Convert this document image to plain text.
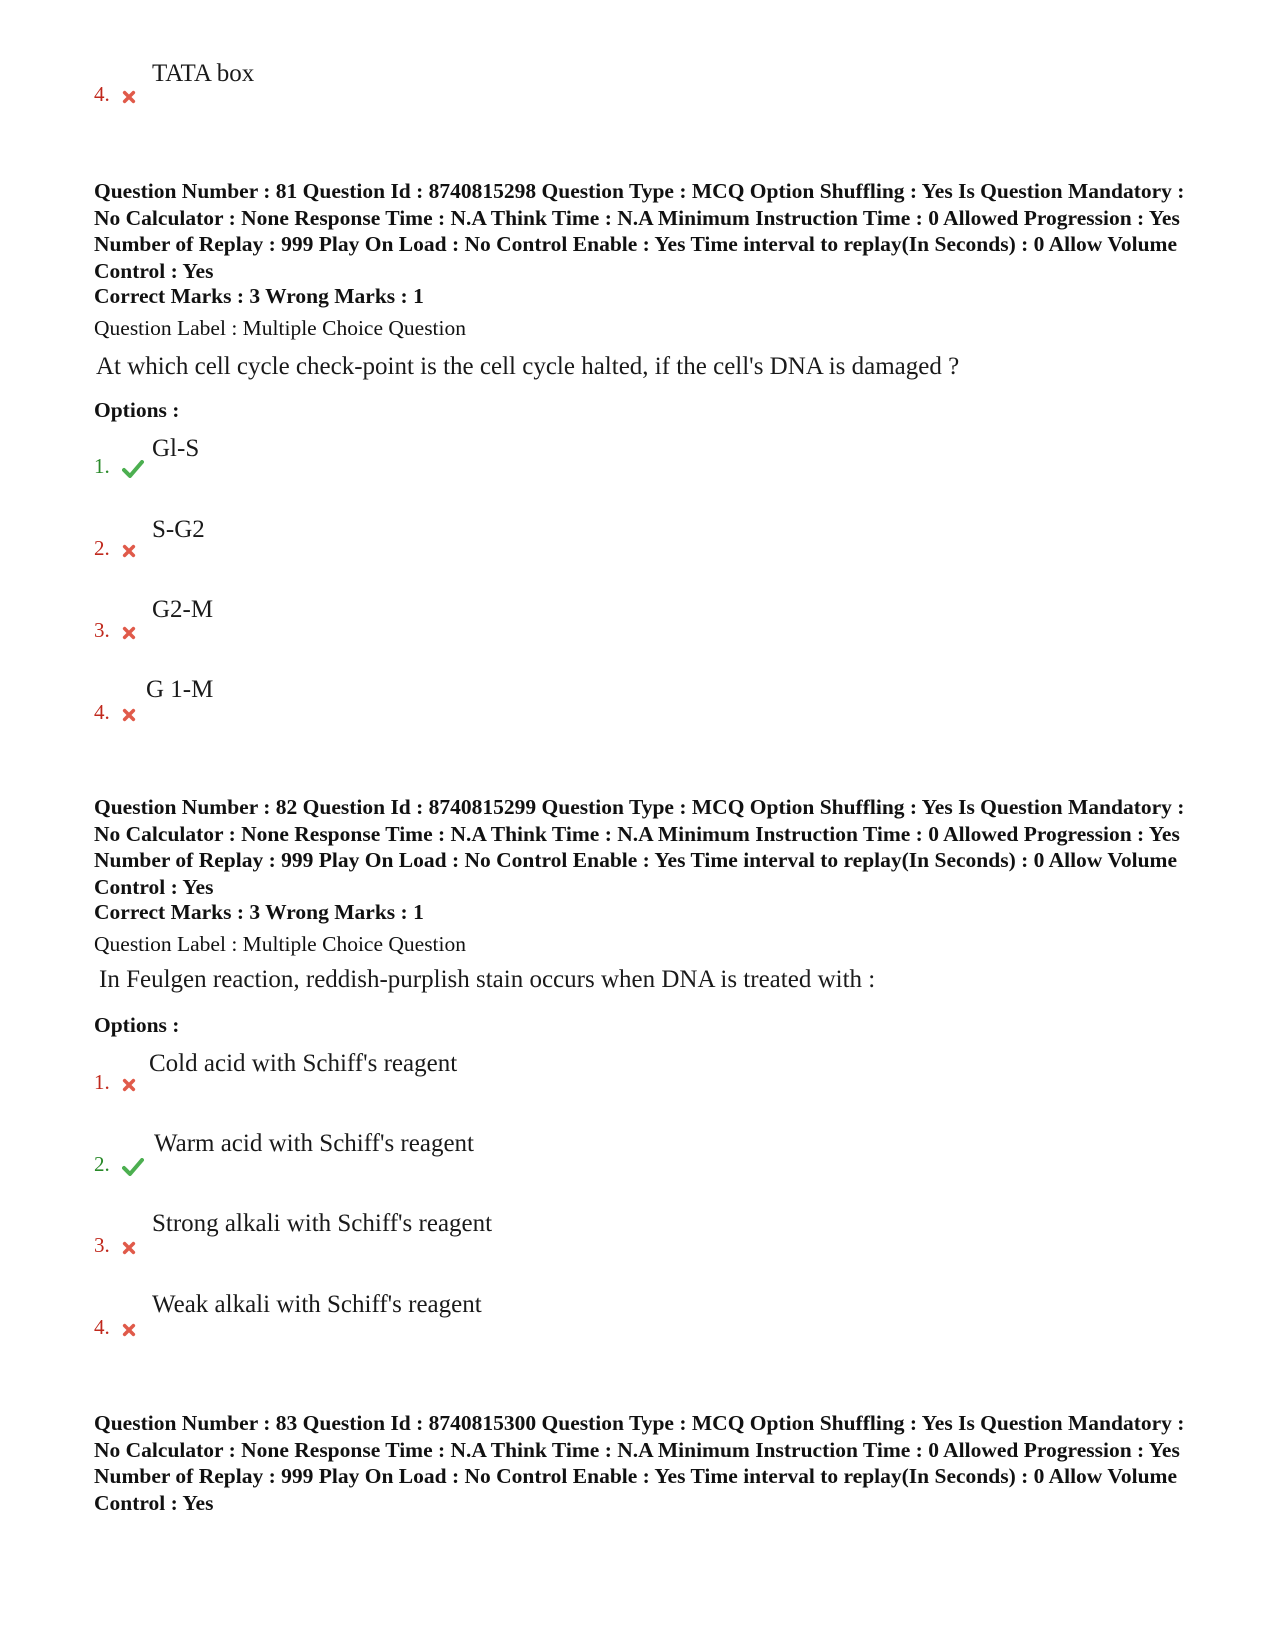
4.
TATA box
Question Number : 81 Question Id : 8740815298 Question Type : MCQ Option Shuffling : Yes Is Question Mandatory : No Calculator : None Response Time : N.A Think Time : N.A Minimum Instruction Time : 0 Allowed Progression : Yes Number of Replay : 999 Play On Load : No Control Enable : Yes Time interval to replay(In Seconds) : 0 Allow Volume Control : Yes
Correct Marks : 3 Wrong Marks : 1
Question Label : Multiple Choice Question
At which cell cycle check-point is the cell cycle halted, if the cell's DNA is damaged ?
Options :
1.
Gl-S
2.
S-G2
3.
G2-M
4.
G 1-M
Question Number : 82 Question Id : 8740815299 Question Type : MCQ Option Shuffling : Yes Is Question Mandatory : No Calculator : None Response Time : N.A Think Time : N.A Minimum Instruction Time : 0 Allowed Progression : Yes Number of Replay : 999 Play On Load : No Control Enable : Yes Time interval to replay(In Seconds) : 0 Allow Volume Control : Yes
Correct Marks : 3 Wrong Marks : 1
Question Label : Multiple Choice Question
In Feulgen reaction, reddish-purplish stain occurs when DNA is treated with :
Options :
1.
Cold acid with Schiff's reagent
2.
Warm acid with Schiff's reagent
3.
Strong alkali with Schiff's reagent
4.
Weak alkali with Schiff's reagent
Question Number : 83 Question Id : 8740815300 Question Type : MCQ Option Shuffling : Yes Is Question Mandatory : No Calculator : None Response Time : N.A Think Time : N.A Minimum Instruction Time : 0 Allowed Progression : Yes Number of Replay : 999 Play On Load : No Control Enable : Yes Time interval to replay(In Seconds) : 0 Allow Volume Control : Yes
